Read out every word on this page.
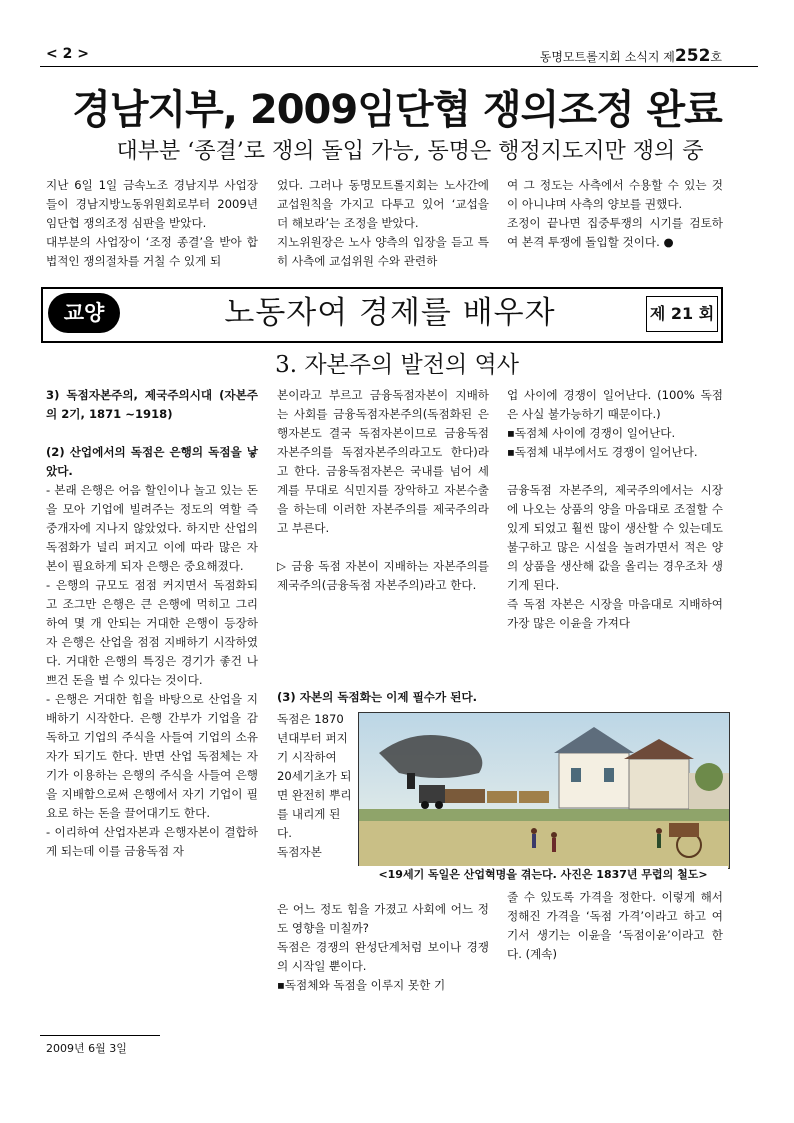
< 2 >	동명모트롤지회 소식지 제252호
경남지부, 2009임단협 쟁의조정 완료
대부분 ‘종결’로 쟁의 돌입 가능, 동명은 행정지도지만 쟁의 중

지난 6일 1일 금속노조 경남지부 사업장들이 경남지방노동위원회로부터 2009년 임단협 쟁의조정 심판을 받았다.

대부분의 사업장이 ‘조정 종결’을 받아 합법적인 쟁의절차를 거칠 수 있게 되

었다. 그러나 동명모트롤지회는 노사간에 교섭원칙을 가지고 다투고 있어 ‘교섭을 더 해보라’는 조정을 받았다.

지노위원장은 노사 양측의 입장을 듣고 특히 사측에 교섭위원 수와 관련하

여 그 정도는 사측에서 수용할 수 있는 것이 아니냐며 사측의 양보를 권했다.

조정이 끝나면 집중투쟁의 시기를 검토하여 본격 투쟁에 돌입할 것이다. ●

교양	노동자여 경제를 배우자	제 21 회
3. 자본주의 발전의 역사

3) 독점자본주의, 제국주의시대 (자본주의 2기, 1871 ~1918)

(2) 산업에서의 독점은 은행의 독점을 낳았다.

- 본래 은행은 어음 할인이나 놀고 있는 돈을 모아 기업에 빌려주는 정도의 역할 즉 중개자에 지나지 않았었다. 하지만 산업의 독점화가 널리 퍼지고 이에 따라 많은 자본이 필요하게 되자 은행은 중요해졌다.

- 은행의 규모도 점점 커지면서 독점화되고 조그만 은행은 큰 은행에 먹히고 그리하여 몇 개 안되는 거대한 은행이 등장하자 은행은 산업을 점점 지배하기 시작하였다. 거대한 은행의 특징은 경기가 좋건 나쁘건 돈을 벌 수 있다는 것이다.

- 은행은 거대한 힘을 바탕으로 산업을 지배하기 시작한다. 은행 간부가 기업을 감독하고 기업의 주식을 사들여 기업의 소유자가 되기도 한다. 반면 산업 독점체는 자기가 이용하는 은행의 주식을 사들여 은행을 지배함으로써 은행에서 자기 기업이 필요로 하는 돈을 끌어대기도 한다.

- 이리하여 산업자본과 은행자본이 결합하게 되는데 이를 금융독점 자

본이라고 부르고 금융독점자본이 지배하는 사회를 금융독점자본주의(독점화된 은행자본도 결국 독점자본이므로 금융독점자본주의를 독점자본주의라고도 한다)라고 한다. 금융독점자본은 국내를 넘어 세계를 무대로 식민지를 장악하고 자본수출을 하는데 이러한 자본주의를 제국주의라고 부른다.

▷ 금융 독점 자본이 지배하는 자본주의를 제국주의(금융독점 자본주의)라고 한다.

(3) 자본의 독점화는 이제 필수가 된다.

독점은 1870년대부터 퍼지기 시작하여 20세기초가 되면 완전히 뿌리를 내리게 된다.

독점자본

은 어느 정도 힘을 가졌고 사회에 어느 정도 영향을 미칠까?

독점은 경쟁의 완성단계처럼 보이나 경쟁의 시작일 뿐이다.

▪독점체와 독점을 이루지 못한 기

업 사이에 경쟁이 일어난다. (100% 독점은 사실 불가능하기 때문이다.)

▪독점체 사이에 경쟁이 일어난다.

▪독점체 내부에서도 경쟁이 일어난다.

금융독점 자본주의, 제국주의에서는 시장에 나오는 상품의 양을 마음대로 조절할 수 있게 되었고 훨씬 많이 생산할 수 있는데도 불구하고 많은 시설을 놀려가면서 적은 양의 상품을 생산해 값을 올리는 경우조차 생기게 된다.

즉 독점 자본은 시장을 마음대로 지배하여 가장 많은 이윤을 가져다

줄 수 있도록 가격을 정한다. 이렇게 해서 정해진 가격을 ‘독점 가격’이라고 하고 여기서 생기는 이윤을 ‘독점이윤’이라고 한다. (계속)

<19세기 독일은 산업혁명을 겪는다. 사진은 1837년 무렵의 철도>
2009년 6월 3일
